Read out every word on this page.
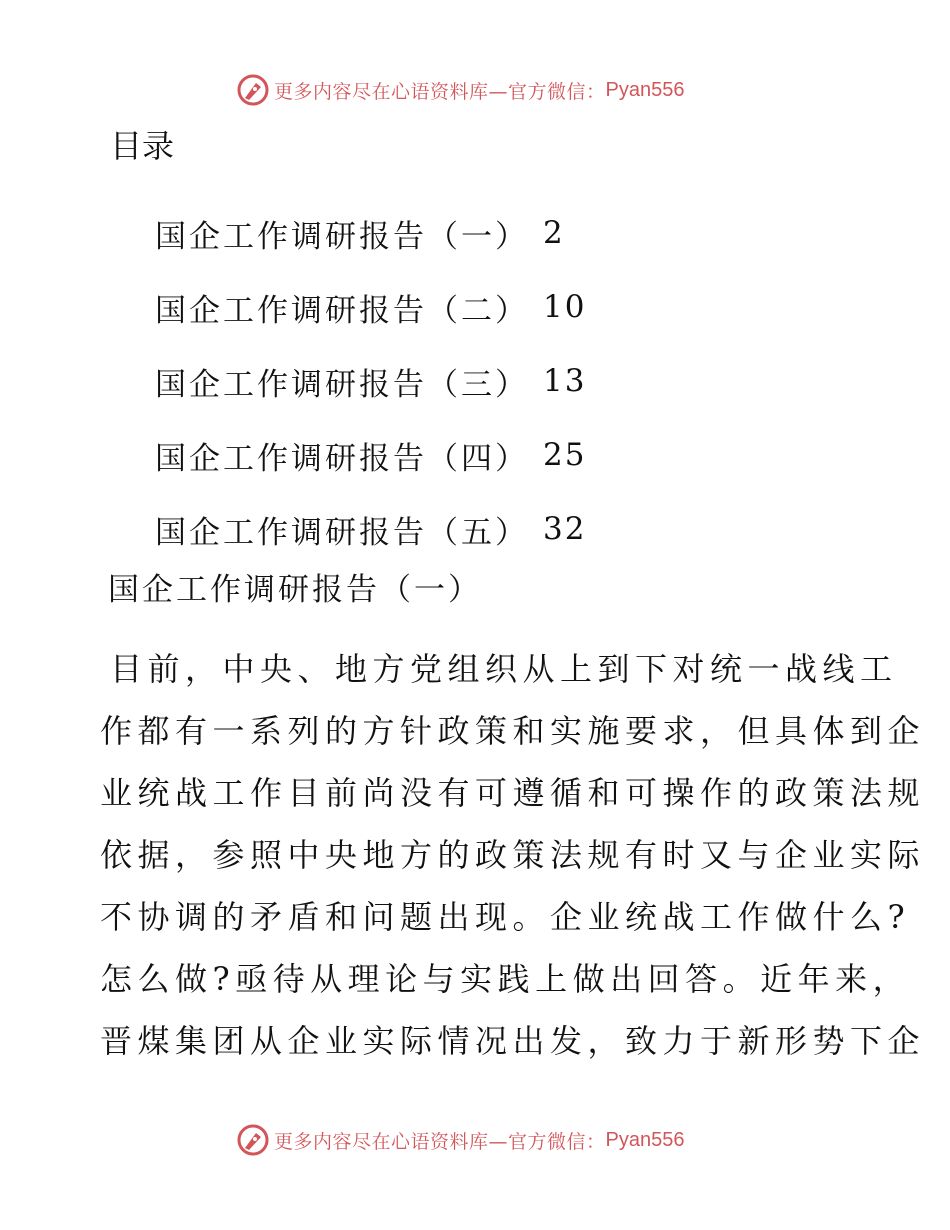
更多内容尽在心语资料库—官方微信： Pyan556
目录
国企工作调研报告（一） 2
国企工作调研报告（二） 10
国企工作调研报告（三） 13
国企工作调研报告（四） 25
国企工作调研报告（五） 32
国企工作调研报告（一）
目前，中央、地方党组织从上到下对统一战线工
作都有一系列的方针政策和实施要求，但具体到企
业统战工作目前尚没有可遵循和可操作的政策法规
依据，参照中央地方的政策法规有时又与企业实际
不协调的矛盾和问题出现。企业统战工作做什么?
怎么做?亟待从理论与实践上做出回答。近年来，
晋煤集团从企业实际情况出发，致力于新形势下企
更多内容尽在心语资料库—官方微信： Pyan556
